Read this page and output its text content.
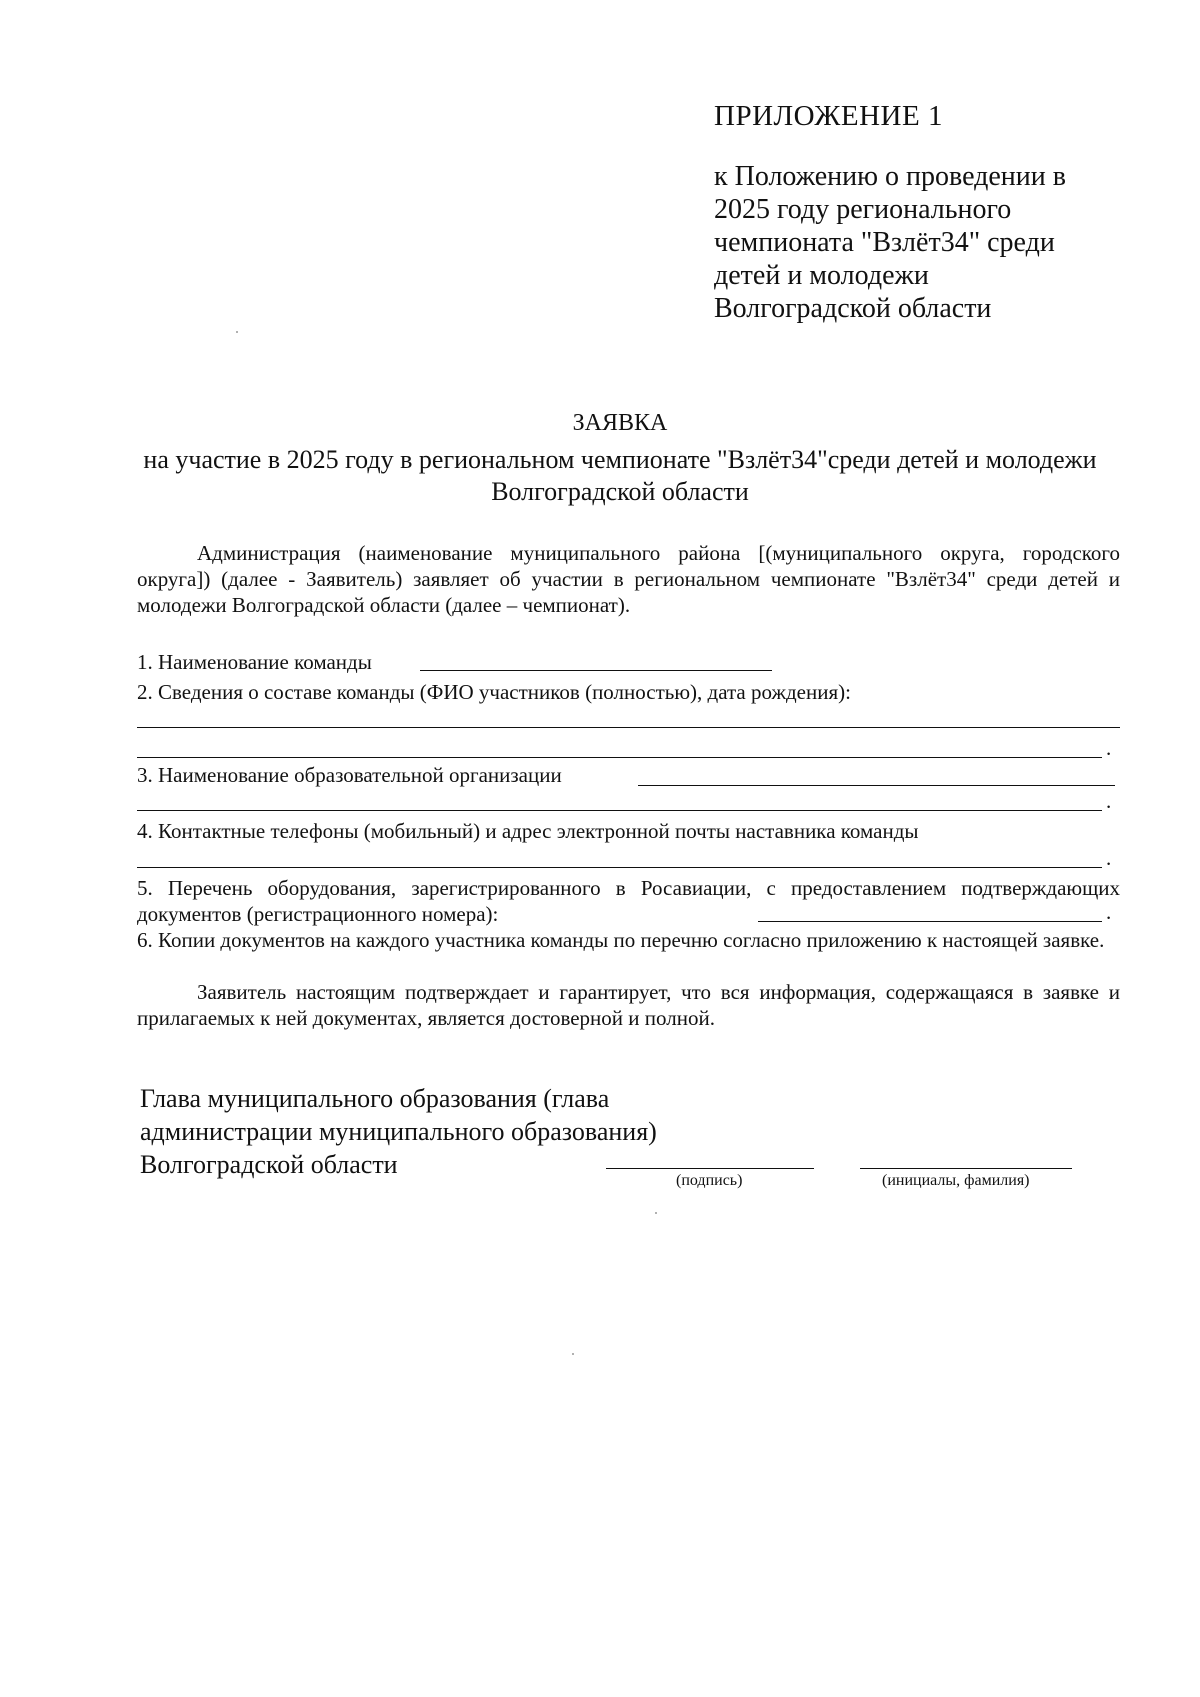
ПРИЛОЖЕНИЕ 1
к Положению о проведении в 2025 году регионального чемпионата "Взлёт34" среди детей и молодежи Волгоградской области
ЗАЯВКА
на участие в 2025 году в региональном чемпионате "Взлёт34"среди детей и молодежи Волгоградской области
Администрация (наименование муниципального района [(муниципального округа, городского округа]) (далее - Заявитель) заявляет об участии в региональном чемпионате "Взлёт34" среди детей и молодежи Волгоградской области (далее – чемпионат).
1. Наименование команды
2. Сведения о составе команды (ФИО участников (полностью), дата рождения):
.
3. Наименование образовательной организации
.
4. Контактные телефоны (мобильный) и адрес электронной почты наставника команды
.
5. Перечень оборудования, зарегистрированного в Росавиации, с предоставлением подтверждающих документов (регистрационного номера):	.
6. Копии документов на каждого участника команды по перечню согласно приложению к настоящей заявке.
Заявитель настоящим подтверждает и гарантирует, что вся информация, содержащаяся в заявке и прилагаемых к ней документах, является достоверной и полной.
Глава муниципального образования (глава администрации муниципального образования) Волгоградской области
(подпись)	(инициалы, фамилия)
